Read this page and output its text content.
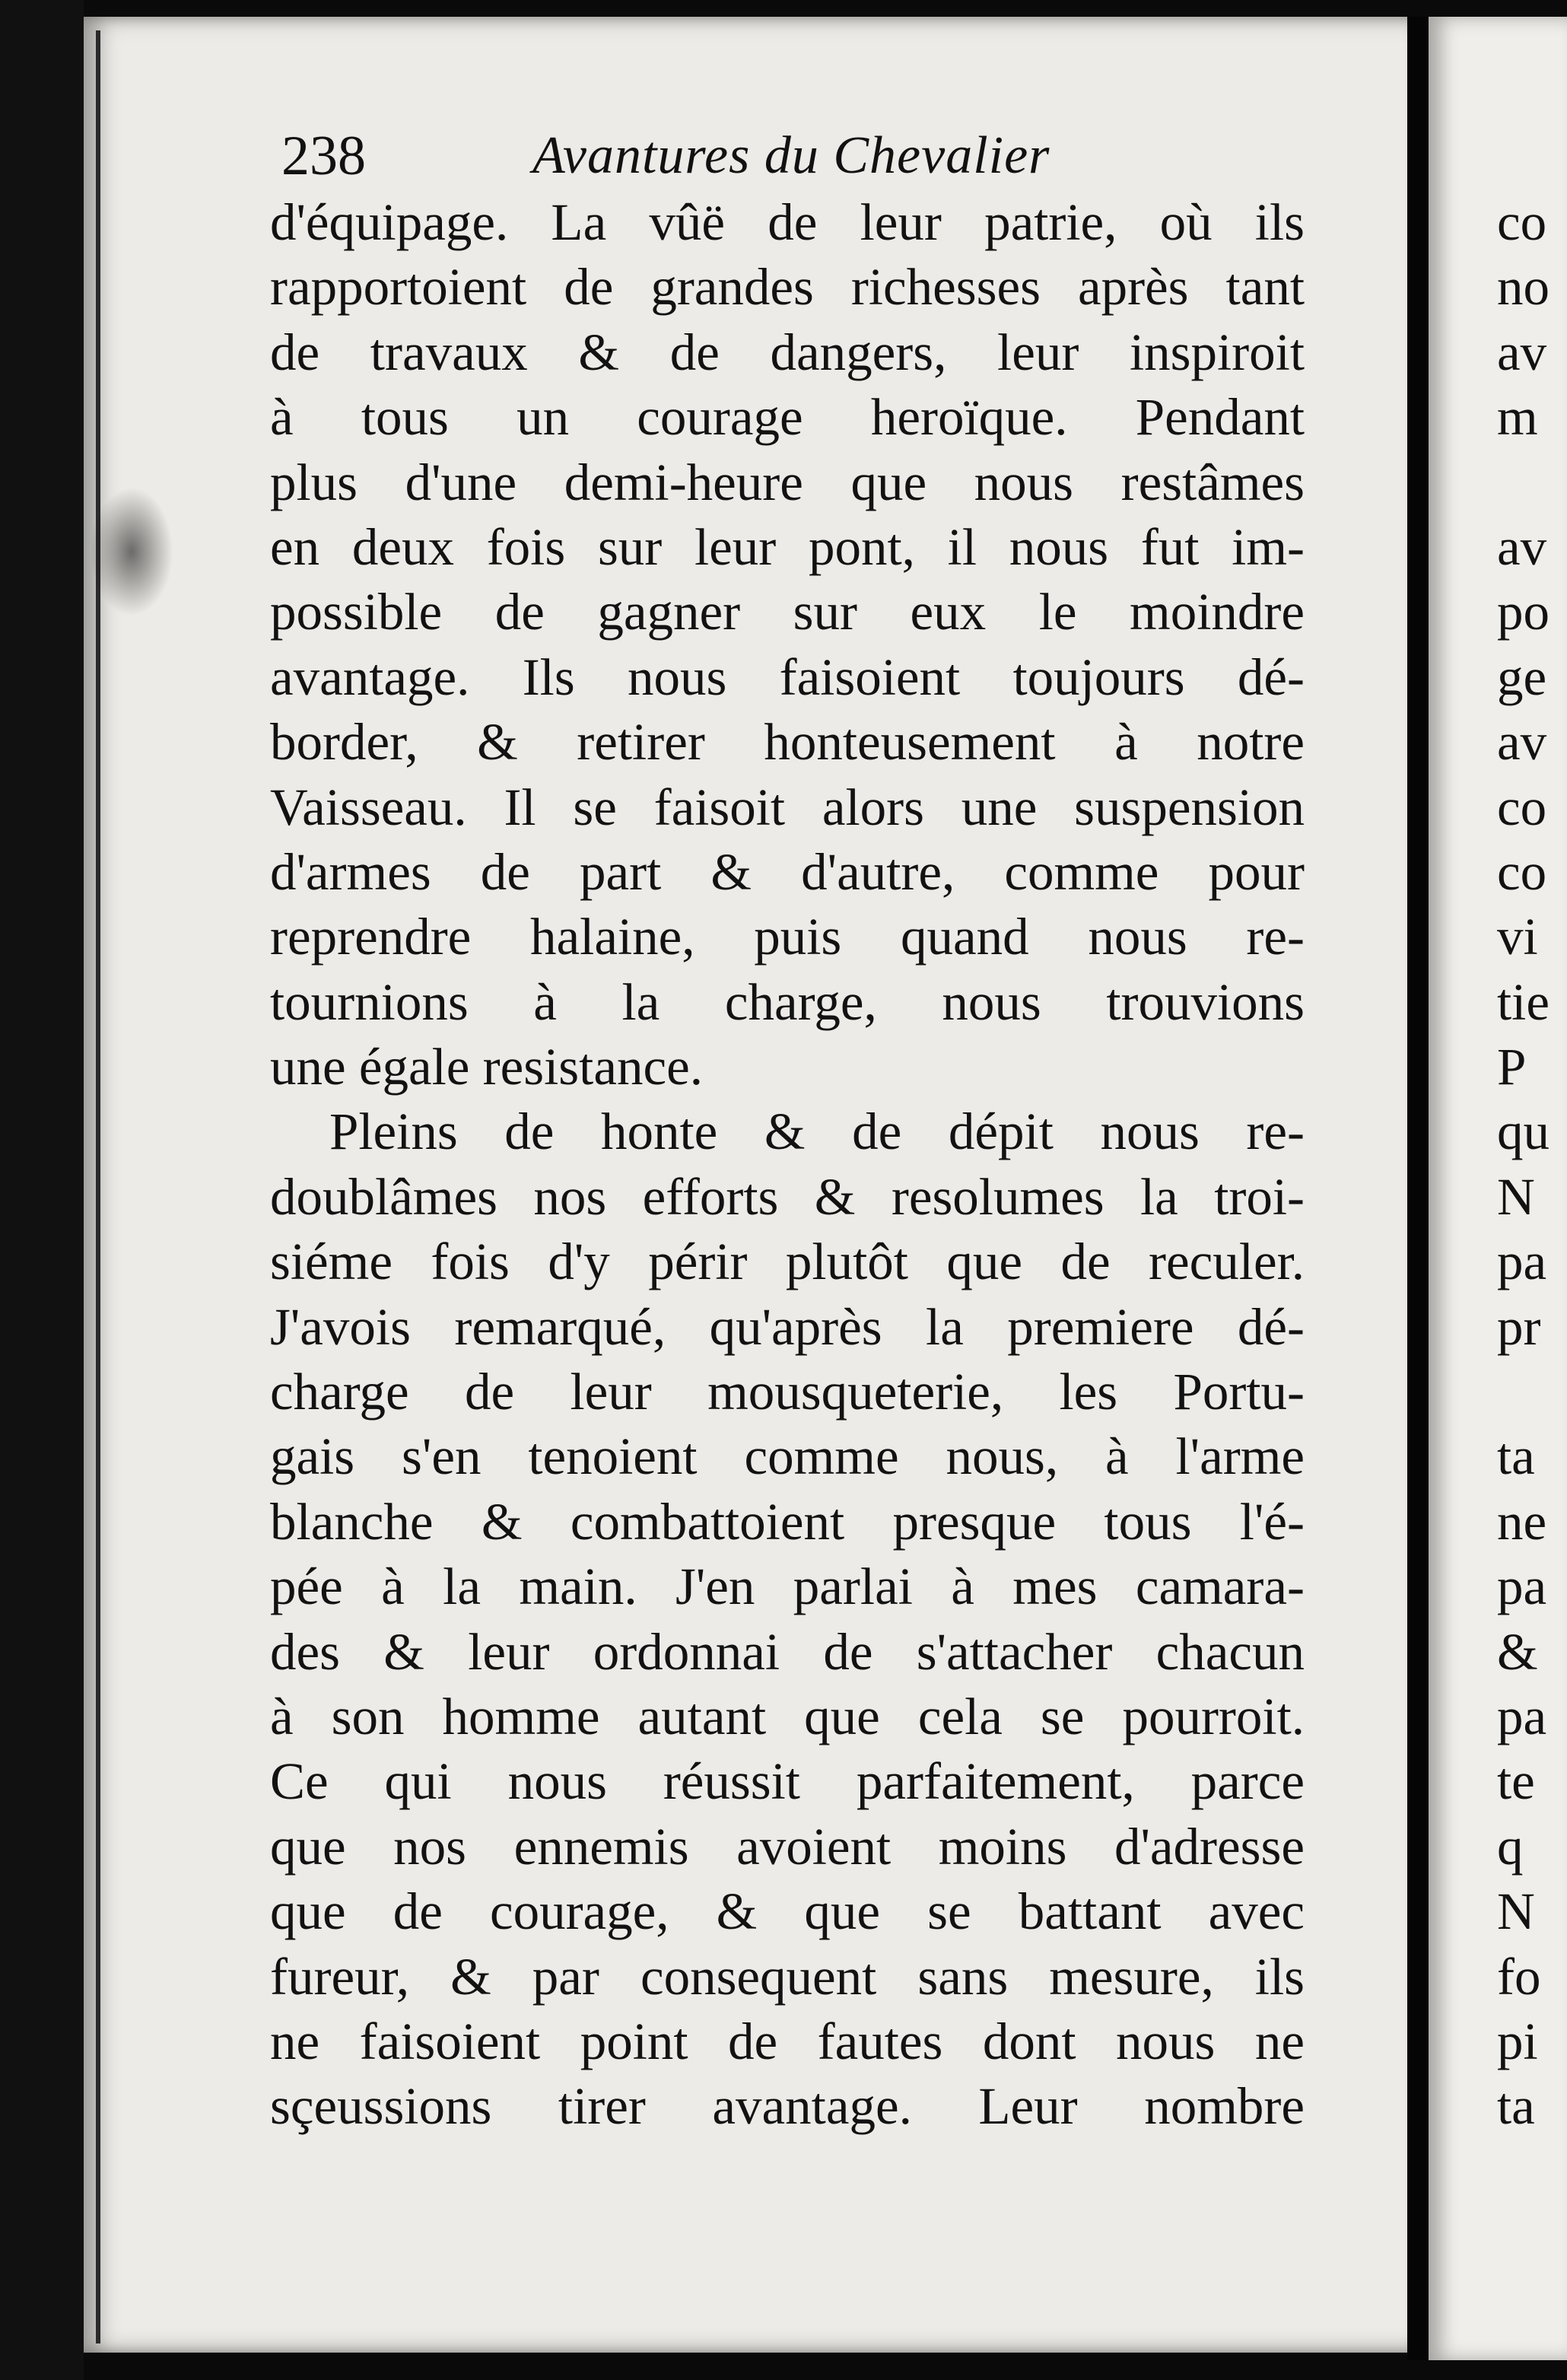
238	Avantures du Chevalier
d'équipage. La vûë de leur patrie, où ils
rapportoient de grandes richesses après tant
de travaux & de dangers, leur inspiroit
à tous un courage heroïque. Pendant
plus d'une demi-heure que nous restâmes
en deux fois sur leur pont, il nous fut im-
possible de gagner sur eux le moindre
avantage. Ils nous faisoient toujours dé-
border, & retirer honteusement à notre
Vaisseau. Il se faisoit alors une suspension
d'armes de part & d'autre, comme pour
reprendre halaine, puis quand nous re-
tournions à la charge, nous trouvions
une égale resistance.
Pleins de honte & de dépit nous re-
doublâmes nos efforts & resolumes la troi-
siéme fois d'y périr plutôt que de reculer.
J'avois remarqué, qu'après la premiere dé-
charge de leur mousqueterie, les Portu-
gais s'en tenoient comme nous, à l'arme
blanche & combattoient presque tous l'é-
pée à la main. J'en parlai à mes camara-
des & leur ordonnai de s'attacher chacun
à son homme autant que cela se pourroit.
Ce qui nous réussit parfaitement, parce
que nos ennemis avoient moins d'adresse
que de courage, & que se battant avec
fureur, & par consequent sans mesure, ils
ne faisoient point de fautes dont nous ne
sçeussions tirer avantage. Leur nombre
co
no
av
m
av
po
ge
av
co
co
vi
tie
P
qu
N
pa
pr
ta
ne
pa
&
pa
te
q
N
fo
pi
ta
